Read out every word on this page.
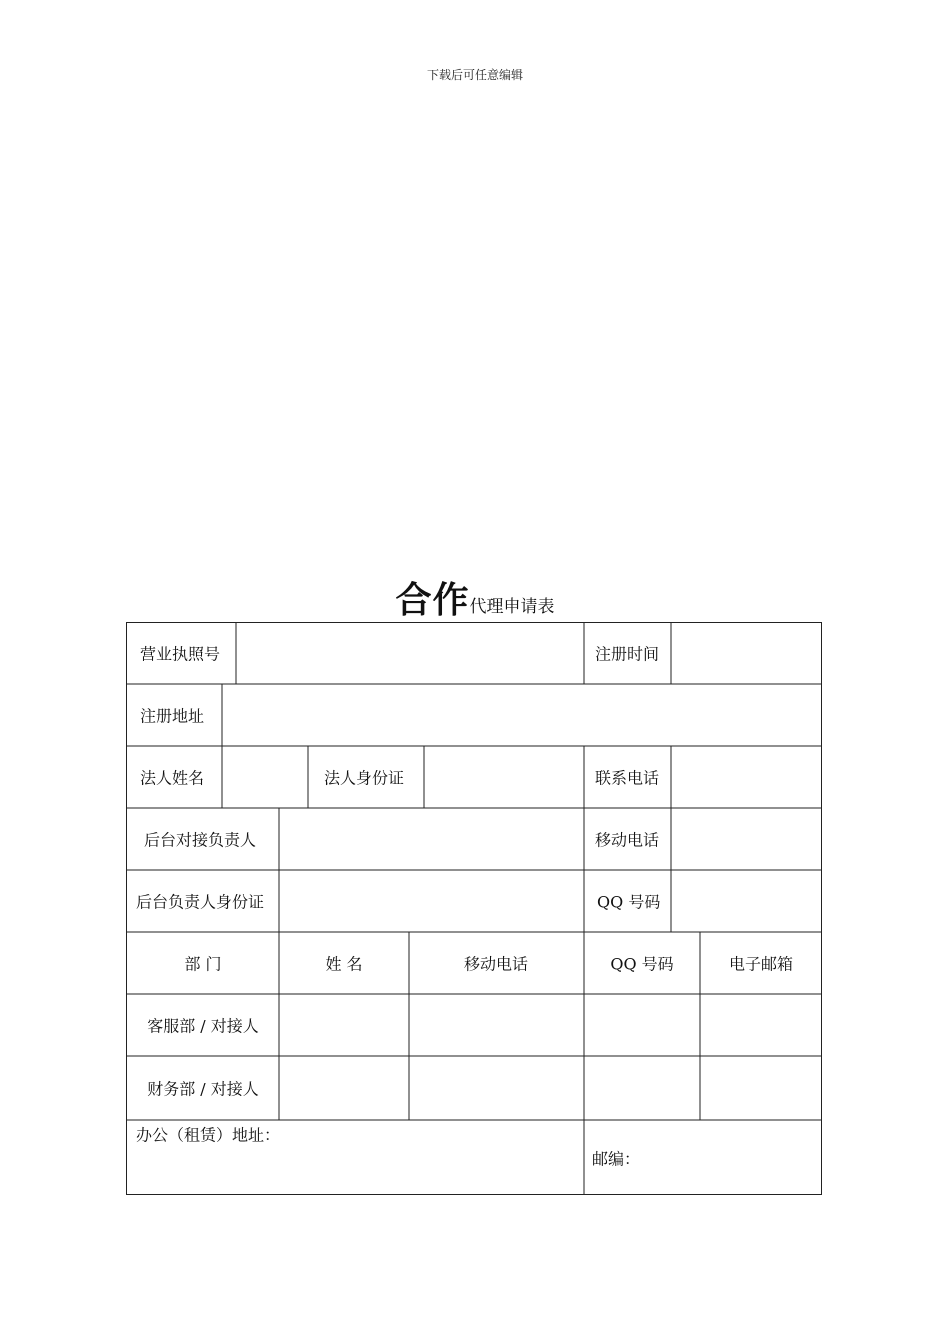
下载后可任意编辑
合作代理申请表
营业执照号	注册时间
注册地址
法人姓名	法人身份证	联系电话
后台对接负责人	移动电话
后台负责人身份证	QQ 号码
部 门	姓 名	移动电话	QQ 号码	电子邮箱
客服部 / 对接人
财务部 / 对接人
办公（租赁）地址：
邮编：
